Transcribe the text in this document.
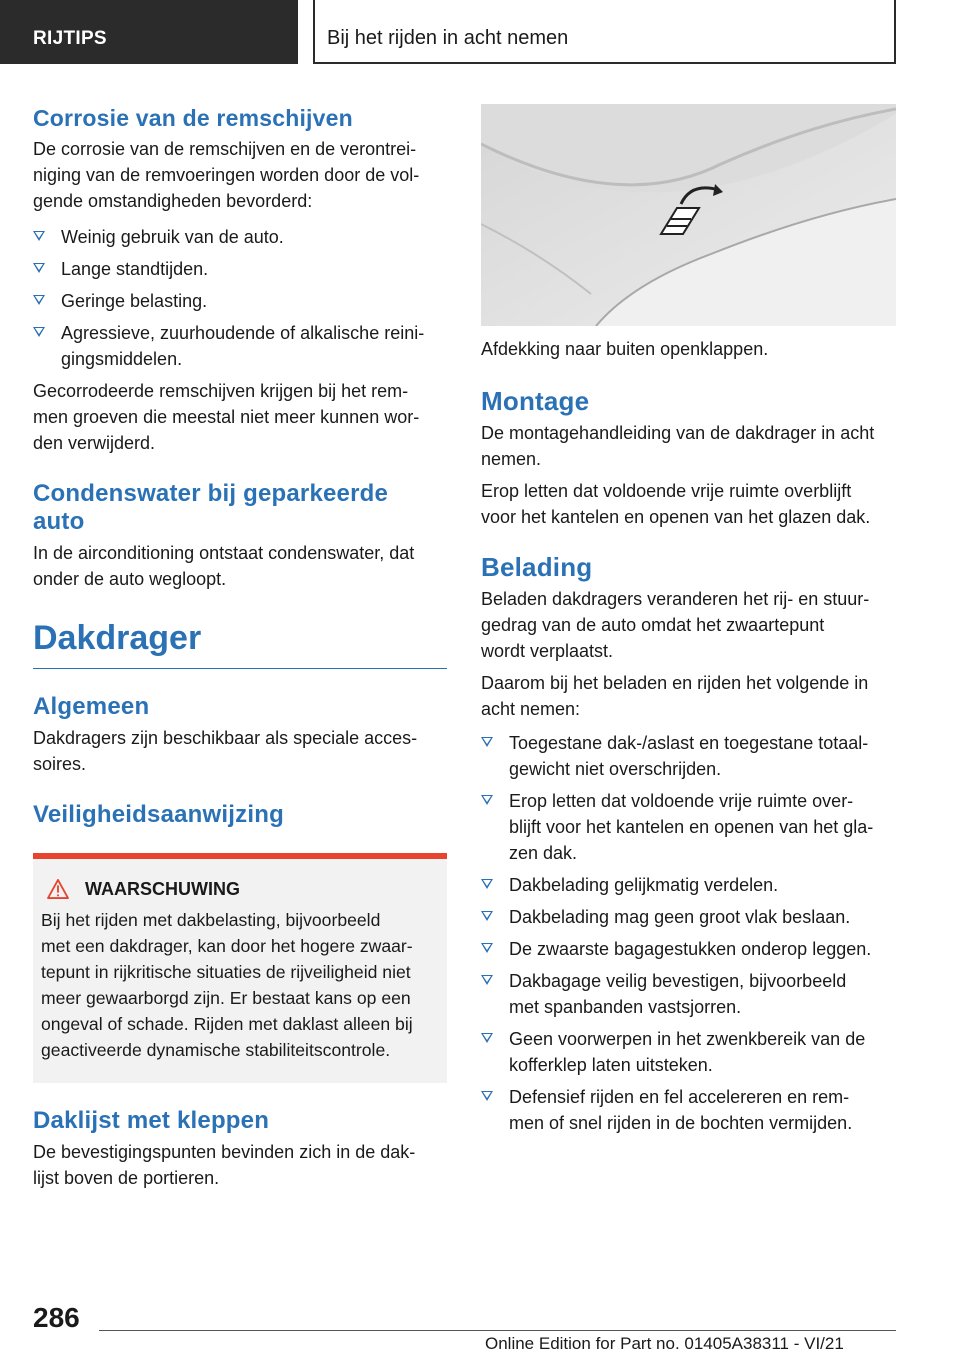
RIJTIPS	Bij het rijden in acht nemen
Corrosie van de remschijven
De corrosie van de remschijven en de verontrei-
niging van de remvoeringen worden door de vol-
gende omstandigheden bevorderd:
Weinig gebruik van de auto.
Lange standtijden.
Geringe belasting.
Agressieve, zuurhoudende of alkalische reini-
gingsmiddelen.
Gecorrodeerde remschijven krijgen bij het rem-
men groeven die meestal niet meer kunnen wor-
den verwijderd.
Condenswater bij geparkeerde
auto
In de airconditioning ontstaat condenswater, dat
onder de auto wegloopt.
Dakdrager
Algemeen
Dakdragers zijn beschikbaar als speciale acces-
soires.
Veiligheidsaanwijzing
WAARSCHUWING
Bij het rijden met dakbelasting, bijvoorbeeld
met een dakdrager, kan door het hogere zwaar-
tepunt in rijkritische situaties de rijveiligheid niet
meer gewaarborgd zijn. Er bestaat kans op een
ongeval of schade. Rijden met daklast alleen bij
geactiveerde dynamische stabiliteitscontrole.
Daklijst met kleppen
De bevestigingspunten bevinden zich in de dak-
lijst boven de portieren.
Afdekking naar buiten openklappen.
Montage
De montagehandleiding van de dakdrager in acht
nemen.
Erop letten dat voldoende vrije ruimte overblijft
voor het kantelen en openen van het glazen dak.
Belading
Beladen dakdragers veranderen het rij- en stuur-
gedrag van de auto omdat het zwaartepunt
wordt verplaatst.
Daarom bij het beladen en rijden het volgende in
acht nemen:
Toegestane dak-/aslast en toegestane totaal-
gewicht niet overschrijden.
Erop letten dat voldoende vrije ruimte over-
blijft voor het kantelen en openen van het gla-
zen dak.
Dakbelading gelijkmatig verdelen.
Dakbelading mag geen groot vlak beslaan.
De zwaarste bagagestukken onderop leggen.
Dakbagage veilig bevestigen, bijvoorbeeld
met spanbanden vastsjorren.
Geen voorwerpen in het zwenkbereik van de
kofferklep laten uitsteken.
Defensief rijden en fel accelereren en rem-
men of snel rijden in de bochten vermijden.
286
Online Edition for Part no. 01405A38311 - VI/21
